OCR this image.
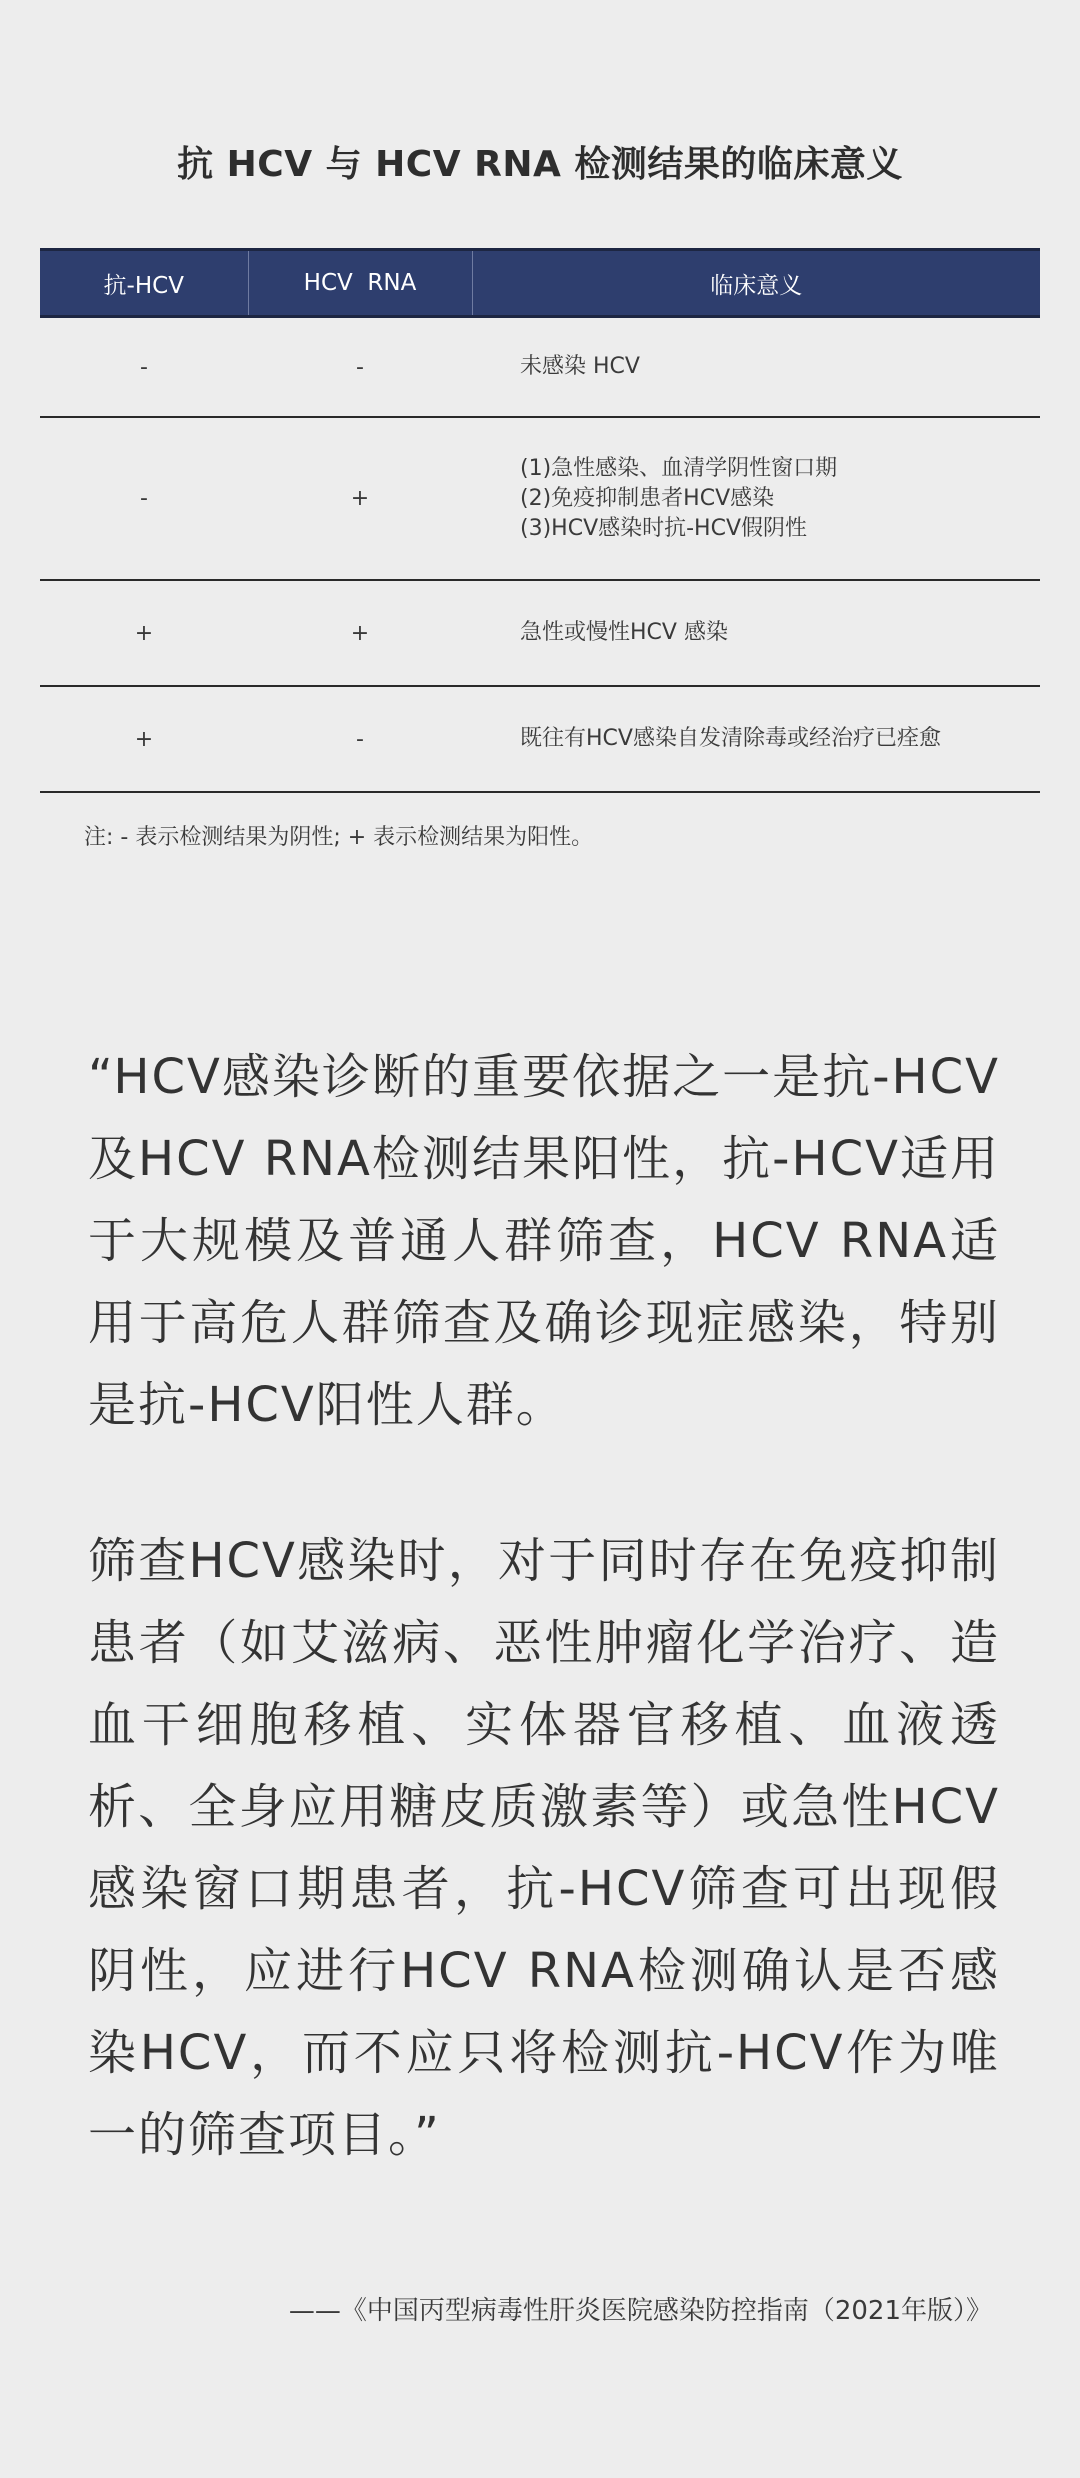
抗 HCV 与 HCV RNA 检测结果的临床意义
抗-HCV	HCV  RNA	临床意义
-	-	未感染 HCV

-	+	(1)急性感染、血清学阴性窗口期
(2)免疫抑制患者HCV感染
(3)HCV感染时抗-HCV假阴性

+	+	急性或慢性HCV 感染

+	-	既往有HCV感染自发清除毒或经治疗已痊愈

注: - 表示检测结果为阴性; + 表示检测结果为阳性。

“HCV感染诊断的重要依据之一是抗-HCV及HCV RNA检测结果阳性，抗-HCV适用于大规模及普通人群筛查，HCV RNA适用于高危人群筛查及确诊现症感染，特别是抗-HCV阳性人群。

筛查HCV感染时，对于同时存在免疫抑制患者（如艾滋病、恶性肿瘤化学治疗、造血干细胞移植、实体器官移植、血液透析、全身应用糖皮质激素等）或急性HCV感染窗口期患者，抗-HCV筛查可出现假阴性，应进行HCV RNA检测确认是否感染HCV，而不应只将检测抗-HCV作为唯一的筛查项目。”

——《中国丙型病毒性肝炎医院感染防控指南（2021年版）》
